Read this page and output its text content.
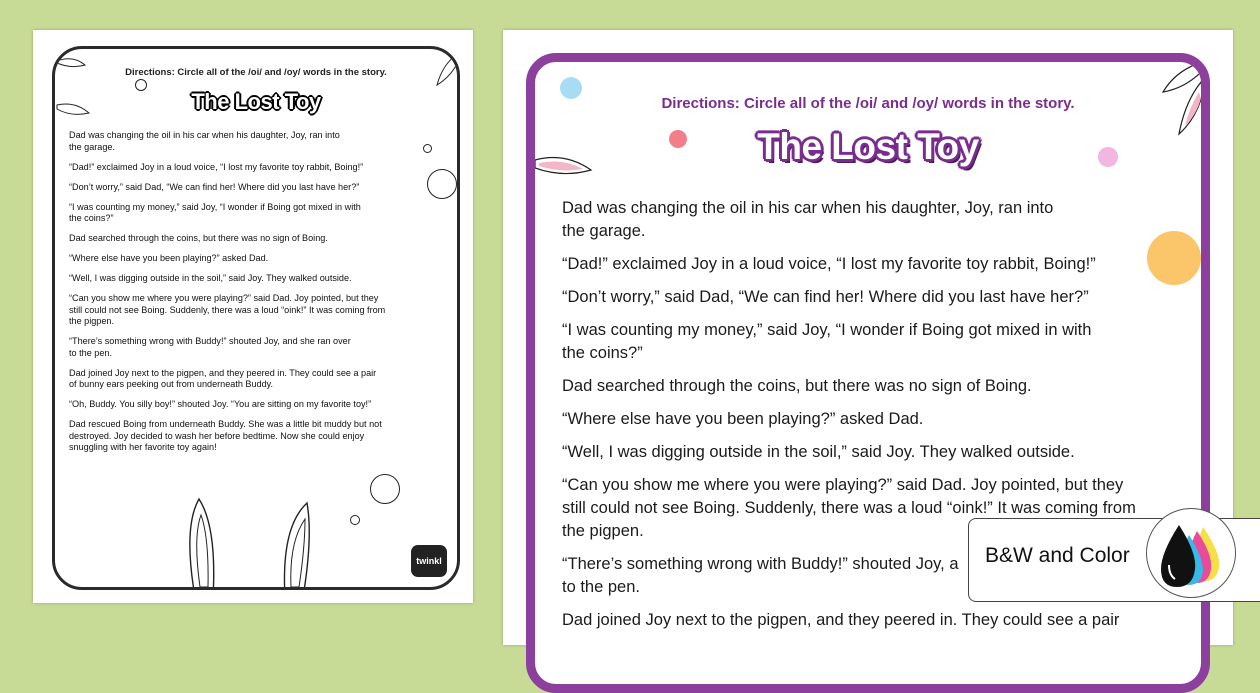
Directions: Circle all of the /oi/ and /oy/ words in the story.
The Lost Toy

Dad was changing the oil in his car when his daughter, Joy, ran into
the garage.

“Dad!” exclaimed Joy in a loud voice, “I lost my favorite toy rabbit, Boing!”

“Don’t worry,” said Dad, “We can find her! Where did you last have her?”

“I was counting my money,” said Joy, “I wonder if Boing got mixed in with
the coins?”

Dad searched through the coins, but there was no sign of Boing.

“Where else have you been playing?” asked Dad.

“Well, I was digging outside in the soil,” said Joy. They walked outside.

“Can you show me where you were playing?” said Dad. Joy pointed, but they
still could not see Boing. Suddenly, there was a loud “oink!” It was coming from
the pigpen.

“There’s something wrong with Buddy!” shouted Joy, and she ran over
to the pen.

Dad joined Joy next to the pigpen, and they peered in. They could see a pair
of bunny ears peeking out from underneath Buddy.

“Oh, Buddy. You silly boy!” shouted Joy. “You are sitting on my favorite toy!”

Dad rescued Boing from underneath Buddy. She was a little bit muddy but not
destroyed. Joy decided to wash her before bedtime. Now she could enjoy
snuggling with her favorite toy again!

twinkl
Directions: Circle all of the /oi/ and /oy/ words in the story.
The Lost Toy

Dad was changing the oil in his car when his daughter, Joy, ran into
the garage.

“Dad!” exclaimed Joy in a loud voice, “I lost my favorite toy rabbit, Boing!”

“Don’t worry,” said Dad, “We can find her! Where did you last have her?”

“I was counting my money,” said Joy, “I wonder if Boing got mixed in with
the coins?”

Dad searched through the coins, but there was no sign of Boing.

“Where else have you been playing?” asked Dad.

“Well, I was digging outside in the soil,” said Joy. They walked outside.

“Can you show me where you were playing?” said Dad. Joy pointed, but they
still could not see Boing. Suddenly, there was a loud “oink!” It was coming from
the pigpen.

“There’s something wrong with Buddy!” shouted Joy, a
to the pen.

Dad joined Joy next to the pigpen, and they peered in. They could see a pair

B&W and Color
